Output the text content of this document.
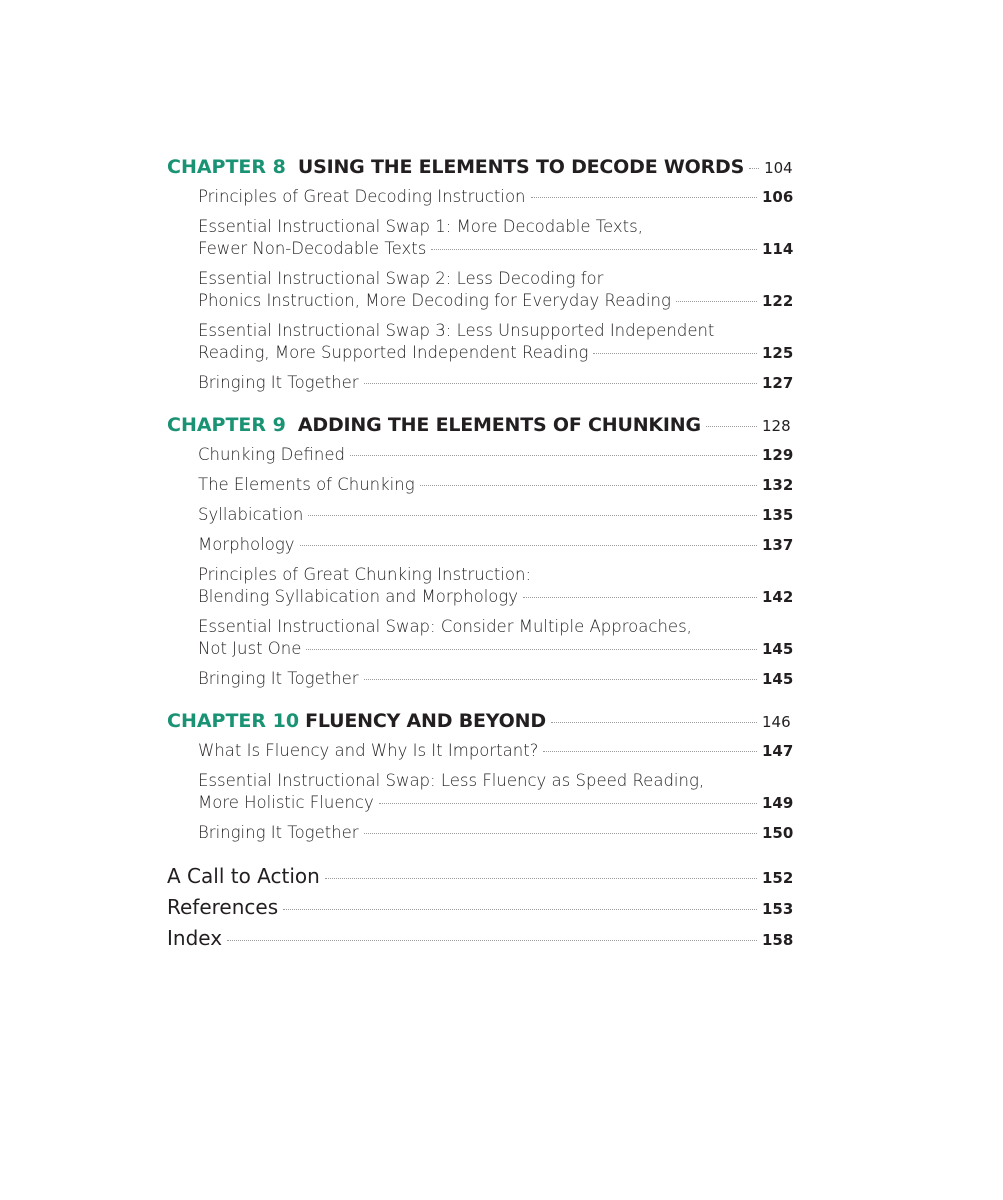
CHAPTER 8 USING THE ELEMENTS TO DECODE WORDS 104
Principles of Great Decoding Instruction	106
Essential Instructional Swap 1: More Decodable Texts,
Fewer Non-Decodable Texts	114
Essential Instructional Swap 2: Less Decoding for
Phonics Instruction, More Decoding for Everyday Reading	122
Essential Instructional Swap 3: Less Unsupported Independent
Reading, More Supported Independent Reading	125
Bringing It Together	127
CHAPTER 9 ADDING THE ELEMENTS OF CHUNKING	128
Chunking Defined	129
The Elements of Chunking	132
Syllabication	135
Morphology	137
Principles of Great Chunking Instruction:
Blending Syllabication and Morphology	142
Essential Instructional Swap: Consider Multiple Approaches,
Not Just One	145
Bringing It Together	145
CHAPTER 10 FLUENCY AND BEYOND	146
What Is Fluency and Why Is It Important?	147
Essential Instructional Swap: Less Fluency as Speed Reading,
More Holistic Fluency	149
Bringing It Together	150
A Call to Action	152
References	153
Index	158
